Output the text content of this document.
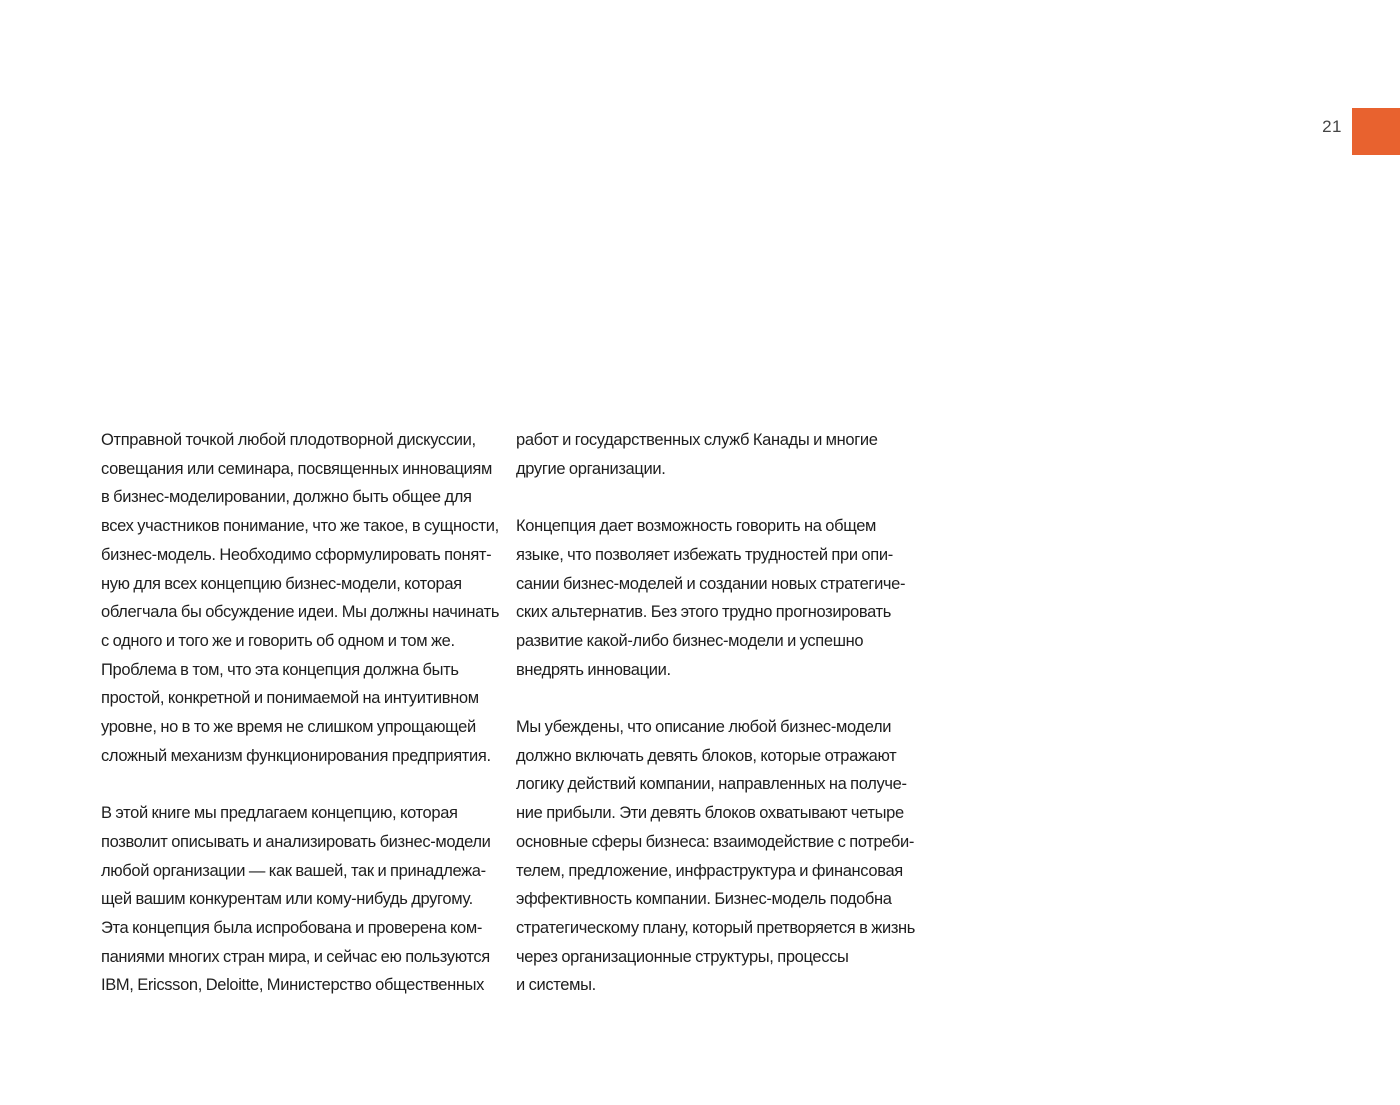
21

Отправной точкой любой плодотворной дискуссии,
совещания или семинара, посвященных инновациям
в бизнес-моделировании, должно быть общее для
всех участников понимание, что же такое, в сущности,
бизнес-модель. Необходимо сформулировать понят-
ную для всех концепцию бизнес-модели, которая
облегчала бы обсуждение идеи. Мы должны начинать
с одного и того же и говорить об одном и том же.
Проблема в том, что эта концепция должна быть
простой, конкретной и понимаемой на интуитивном
уровне, но в то же время не слишком упрощающей
сложный механизм функционирования предприятия.

В этой книге мы предлагаем концепцию, которая
позволит описывать и анализировать бизнес-модели
любой организации — как вашей, так и принадлежа-
щей вашим конкурентам или кому-нибудь другому.
Эта концепция была испробована и проверена ком-
паниями многих стран мира, и сейчас ею пользуются
IBM, Ericsson, Deloitte, Министерство общественных

работ и государственных служб Канады и многие
другие организации.

Концепция дает возможность говорить на общем
языке, что позволяет избежать трудностей при опи-
сании бизнес-моделей и создании новых стратегиче-
ских альтернатив. Без этого трудно прогнозировать
развитие какой-либо бизнес-модели и успешно
внедрять инновации.

Мы убеждены, что описание любой бизнес-модели
должно включать девять блоков, которые отражают
логику действий компании, направленных на получе-
ние прибыли. Эти девять блоков охватывают четыре
основные сферы бизнеса: взаимодействие с потреби-
телем, предложение, инфраструктура и финансовая
эффективность компании. Бизнес-модель подобна
стратегическому плану, который претворяется в жизнь
через организационные структуры, процессы
и системы.
